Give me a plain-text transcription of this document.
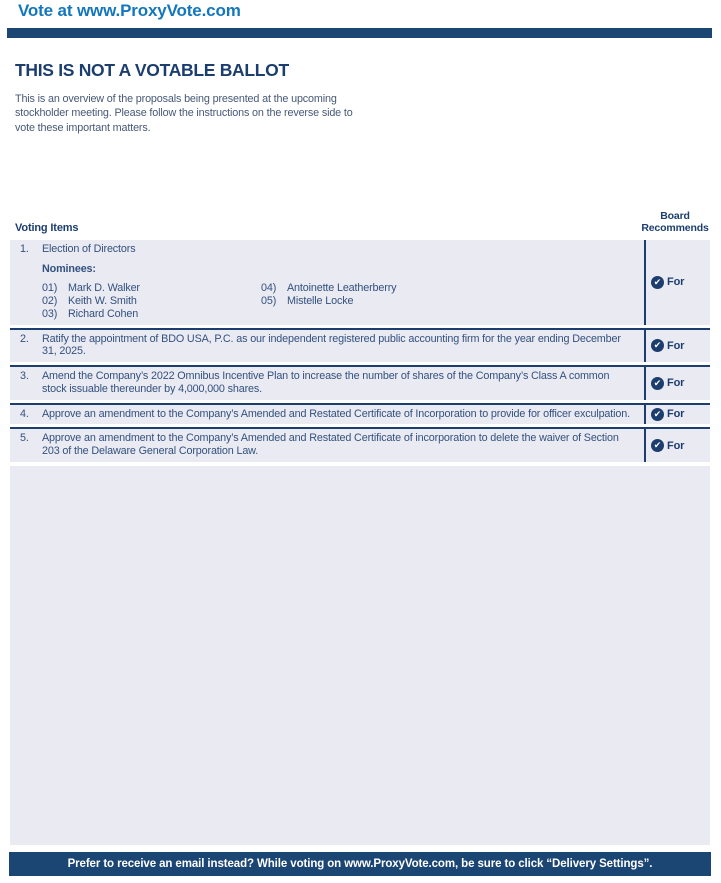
Vote at www.ProxyVote.com
THIS IS NOT A VOTABLE BALLOT
This is an overview of the proposals being presented at the upcoming stockholder meeting. Please follow the instructions on the reverse side to vote these important matters.
Voting Items
Board Recommends
1.	Election of Directors
Nominees:
01)	Mark D. Walker
02)	Keith W. Smith
03)	Richard Cohen
04)	Antoinette Leatherberry
05)	Mistelle Locke
✔
For
2.	Ratify the appointment of BDO USA, P.C. as our independent registered public accounting firm for the year ending December 31, 2025. ✔	For
3.	Amend the Company’s 2022 Omnibus Incentive Plan to increase the number of shares of the Company’s Class A common stock issuable thereunder by 4,000,000 shares. ✔	For
4.	Approve an amendment to the Company’s Amended and Restated Certificate of Incorporation to provide for officer exculpation. ✔	For
5.	Approve an amendment to the Company’s Amended and Restated Certificate of incorporation to delete the waiver of Section 203 of the Delaware General Corporation Law. ✔	For
Prefer to receive an email instead? While voting on www.ProxyVote.com, be sure to click “Delivery Settings”.
